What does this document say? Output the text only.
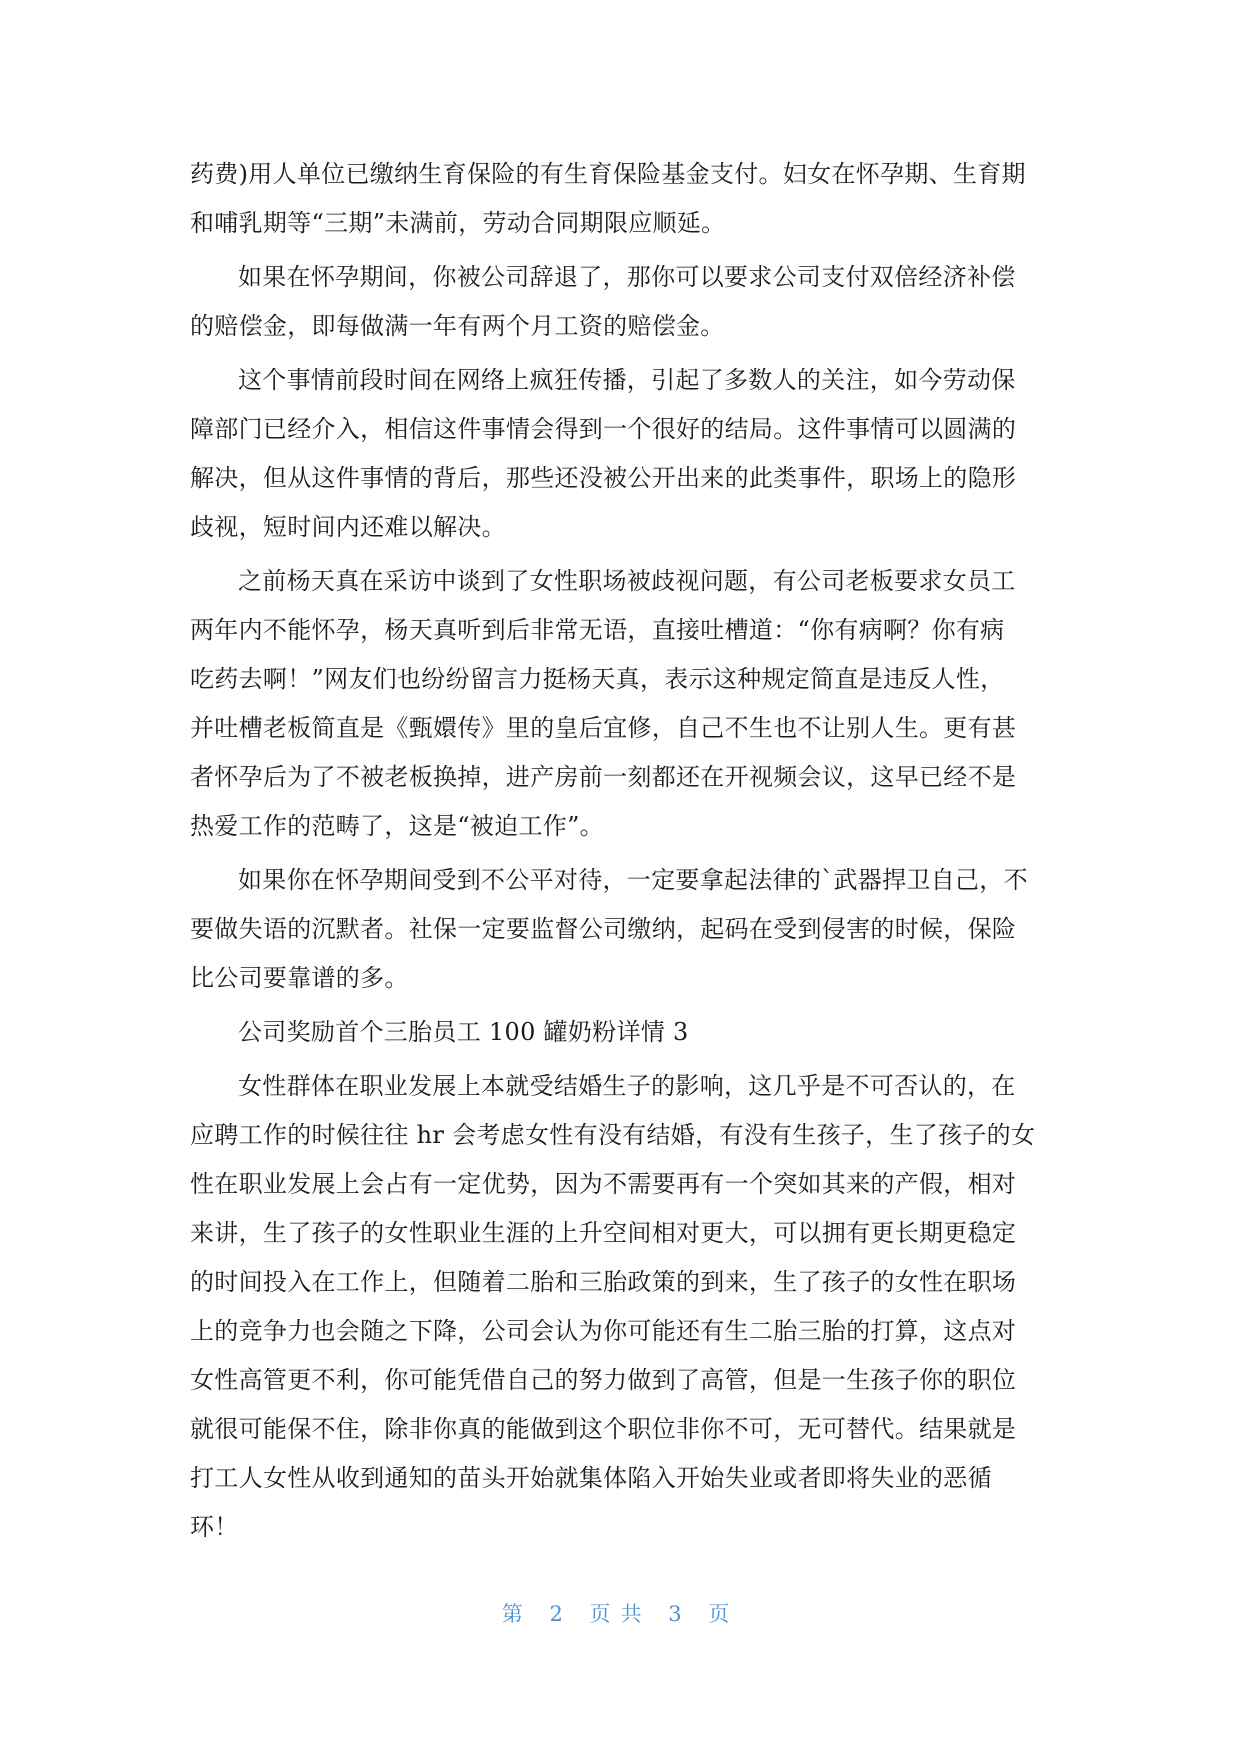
药费)用人单位已缴纳生育保险的有生育保险基金支付。妇女在怀孕期、生育期
和哺乳期等“三期”未满前，劳动合同期限应顺延。
如果在怀孕期间，你被公司辞退了，那你可以要求公司支付双倍经济补偿
的赔偿金，即每做满一年有两个月工资的赔偿金。
这个事情前段时间在网络上疯狂传播，引起了多数人的关注，如今劳动保
障部门已经介入，相信这件事情会得到一个很好的结局。这件事情可以圆满的
解决，但从这件事情的背后，那些还没被公开出来的此类事件，职场上的隐形
歧视，短时间内还难以解决。
之前杨天真在采访中谈到了女性职场被歧视问题，有公司老板要求女员工
两年内不能怀孕，杨天真听到后非常无语，直接吐槽道：“你有病啊？你有病
吃药去啊！”网友们也纷纷留言力挺杨天真，表示这种规定简直是违反人性，
并吐槽老板简直是《甄嬛传》里的皇后宜修，自己不生也不让别人生。更有甚
者怀孕后为了不被老板换掉，进产房前一刻都还在开视频会议，这早已经不是
热爱工作的范畴了，这是“被迫工作”。
如果你在怀孕期间受到不公平对待，一定要拿起法律的`武器捍卫自己，不
要做失语的沉默者。社保一定要监督公司缴纳，起码在受到侵害的时候，保险
比公司要靠谱的多。
公司奖励首个三胎员工 100 罐奶粉详情 3
女性群体在职业发展上本就受结婚生子的影响，这几乎是不可否认的，在
应聘工作的时候往往 hr 会考虑女性有没有结婚，有没有生孩子，生了孩子的女
性在职业发展上会占有一定优势，因为不需要再有一个突如其来的产假，相对
来讲，生了孩子的女性职业生涯的上升空间相对更大，可以拥有更长期更稳定
的时间投入在工作上，但随着二胎和三胎政策的到来，生了孩子的女性在职场
上的竞争力也会随之下降，公司会认为你可能还有生二胎三胎的打算，这点对
女性高管更不利，你可能凭借自己的努力做到了高管，但是一生孩子你的职位
就很可能保不住，除非你真的能做到这个职位非你不可，无可替代。结果就是
打工人女性从收到通知的苗头开始就集体陷入开始失业或者即将失业的恶循
环！
第 2 页共 3 页
